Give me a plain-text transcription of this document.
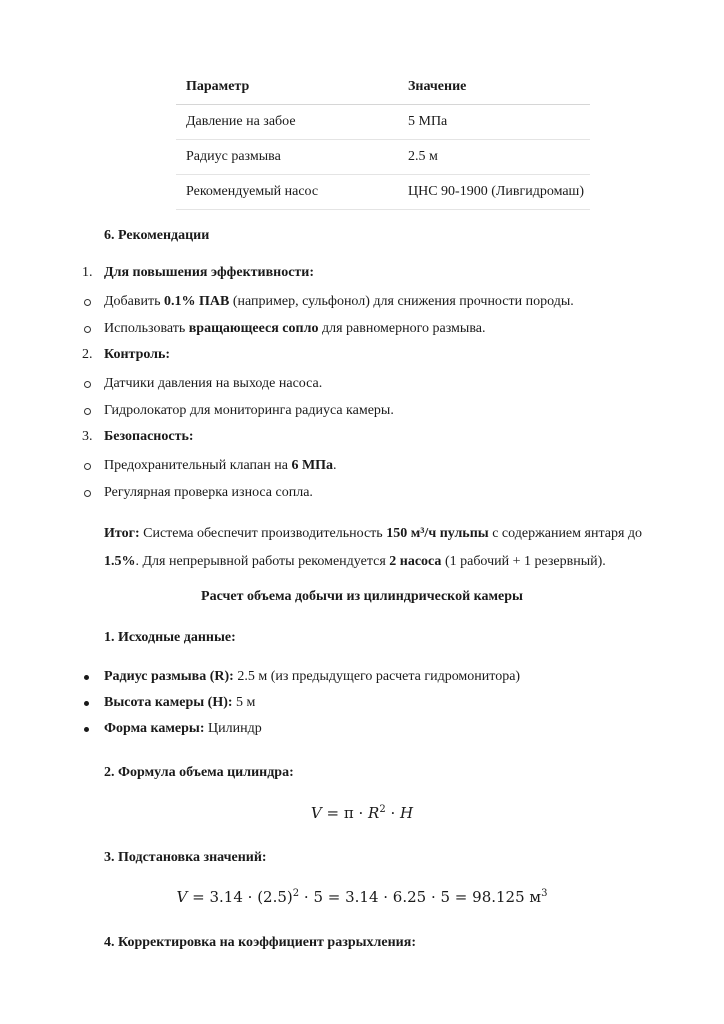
Параметр	Значение
Давление на забое	5 МПа
Радиус размыва	2.5 м
Рекомендуемый насос	ЦНС 90-1900 (Ливгидромаш)
6. Рекомендации
1. Для повышения эффективности:
Добавить 0.1% ПАВ (например, сульфонол) для снижения прочности породы.
Использовать вращающееся сопло для равномерного размыва.
2. Контроль:
Датчики давления на выходе насоса.
Гидролокатор для мониторинга радиуса камеры.
3. Безопасность:
Предохранительный клапан на 6 МПа.
Регулярная проверка износа сопла.
Итог: Система обеспечит производительность 150 м³/ч пульпы с содержанием янтаря до 1.5%. Для непрерывной работы рекомендуется 2 насоса (1 рабочий + 1 резервный).
Расчет объема добычи из цилиндрической камеры
1. Исходные данные:
Радиус размыва (R): 2.5 м (из предыдущего расчета гидромонитора)
Высота камеры (H): 5 м
Форма камеры: Цилиндр
2. Формула объема цилиндра:
$V = \pi \cdot R^2 \cdot H$
3. Подстановка значений:
$V = 3.14 \cdot (2.5)^2 \cdot 5 = 3.14 \cdot 6.25 \cdot 5 = 98.125$ $м^3$
4. Корректировка на коэффициент разрыхления:
